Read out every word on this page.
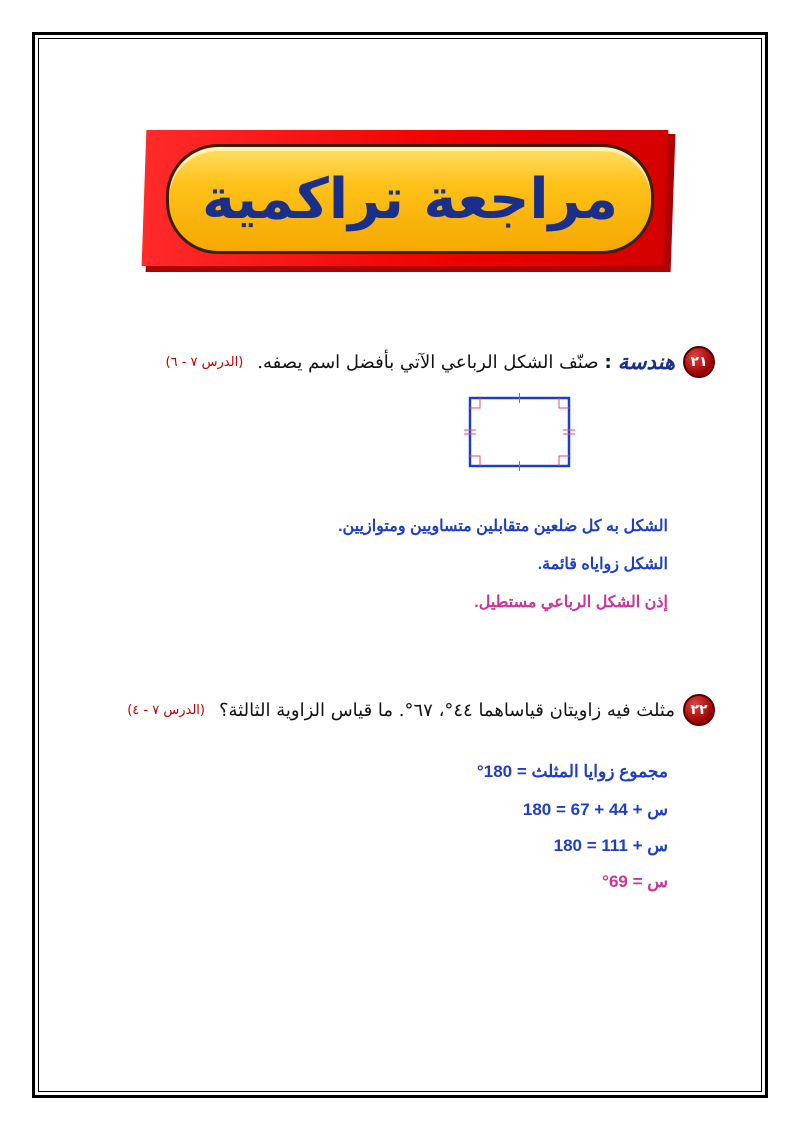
مراجعة تراكمية
٢١
هندسة
:
صنّف الشكل الرباعي الآتي بأفضل اسم يصفه.
(الدرس ٧ - ٦)
الشكل به كل ضلعين متقابلين متساويين ومتوازيين.
الشكل زواياه قائمة.
إذن الشكل الرباعي مستطيل.
٢٢
مثلث فيه زاويتان قياساهما ٤٤°، ٦٧°. ما قياس الزاوية الثالثة؟
(الدرس ٧ - ٤)
مجموع زوايا المثلث = 180°
س + 44 + 67 = 180
س + 111 = 180
س = 69°
